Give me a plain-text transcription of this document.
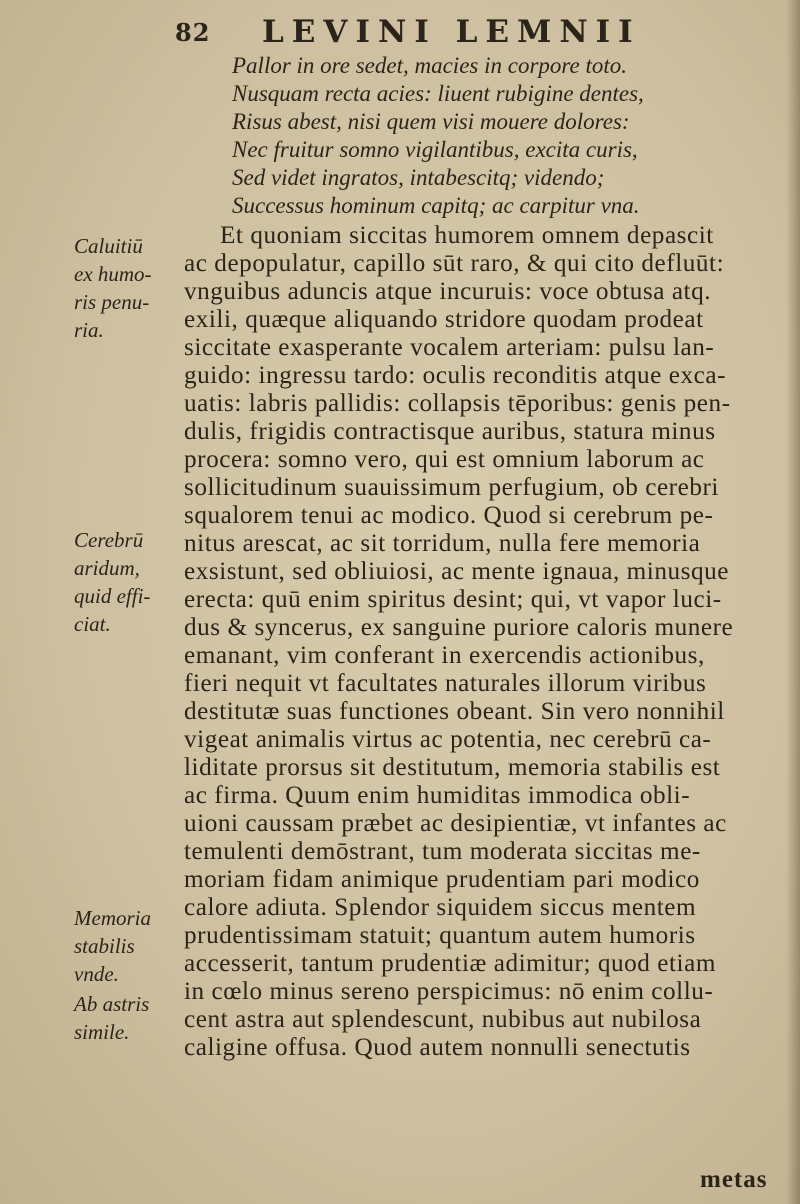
82 LEVINI LEMNII
Pallor in ore sedet, macies in corpore toto.
Nusquam recta acies: liuent rubigine dentes,
Risus abest, nisi quem visi mouere dolores:
Nec fruitur somno vigilantibus, excita curis,
Sed videt ingratos, intabescitq; videndo;
Successus hominum capitq; ac carpitur vna.
Et quoniam siccitas humorem omnem depascit
ac depopulatur, capillo sūt raro, & qui cito defluūt:
vnguibus aduncis atque incuruis: voce obtusa atq.
exili, quæque aliquando stridore quodam prodeat
siccitate exasperante vocalem arteriam: pulsu lan-
guido: ingressu tardo: oculis reconditis atque exca-
uatis: labris pallidis: collapsis tēporibus: genis pen-
dulis, frigidis contractisque auribus, statura minus
procera: somno vero, qui est omnium laborum ac
sollicitudinum suauissimum perfugium, ob cerebri
squalorem tenui ac modico. Quod si cerebrum pe-
nitus arescat, ac sit torridum, nulla fere memoria
exsistunt, sed obliuiosi, ac mente ignaua, minusque
erecta: quū enim spiritus desint; qui, vt vapor luci-
dus & syncerus, ex sanguine puriore caloris munere
emanant, vim conferant in exercendis actionibus,
fieri nequit vt facultates naturales illorum viribus
destitutæ suas functiones obeant. Sin vero nonnihil
vigeat animalis virtus ac potentia, nec cerebrū ca-
liditate prorsus sit destitutum, memoria stabilis est
ac firma. Quum enim humiditas immodica obli-
uioni caussam præbet ac desipientiæ, vt infantes ac
temulenti demōstrant, tum moderata siccitas me-
moriam fidam animique prudentiam pari modico
calore adiuta. Splendor siquidem siccus mentem
prudentissimam statuit; quantum autem humoris
accesserit, tantum prudentiæ adimitur; quod etiam
in cœlo minus sereno perspicimus: nō enim collu-
cent astra aut splendescunt, nubibus aut nubilosa
caligine offusa. Quod autem nonnulli senectutis
Caluitiū
ex humo-
ris penu-
ria.
Cerebrū
aridum,
quid effi-
ciat.
Memoria
stabilis
vnde.
Ab astris
simile.
metas
